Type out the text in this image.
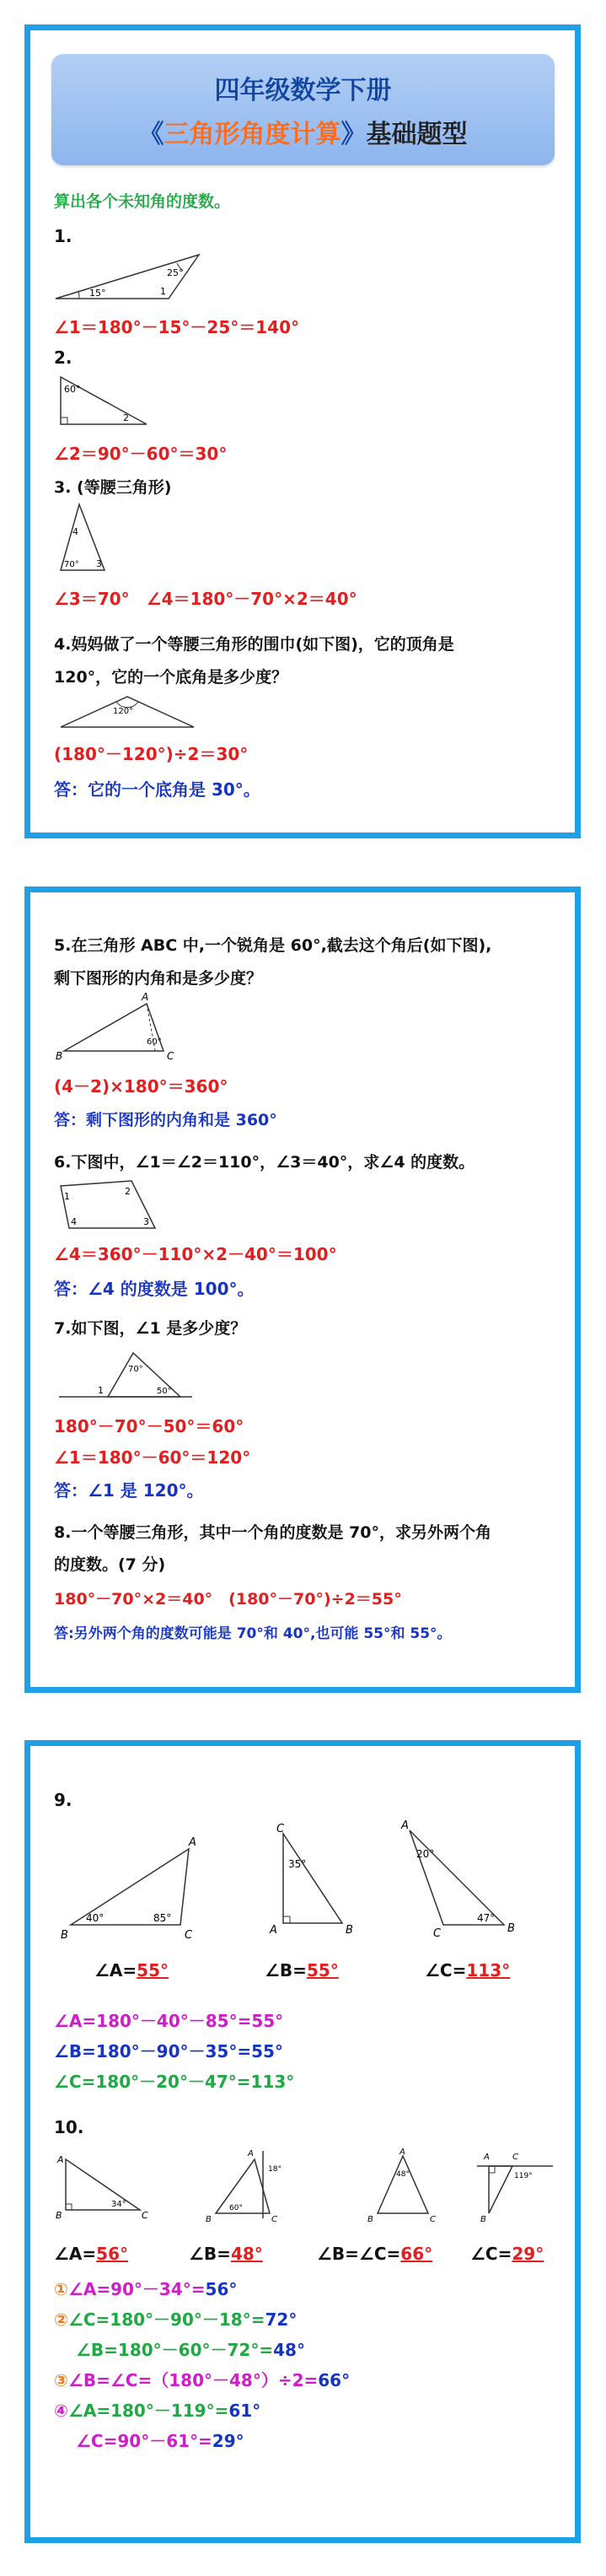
四年级数学下册
《三角形角度计算》基础题型
算出各个未知角的度数。
1.
15°
25°
1
∠1＝180°－15°－25°＝140°
2.
60°
2
∠2＝90°－60°＝30°
3. (等腰三角形)
4
70° 3
∠3＝70°　∠4＝180°－70°×2＝40°
4.妈妈做了一个等腰三角形的围巾(如下图)，它的顶角是
120°，它的一个底角是多少度？
120°
(180°－120°)÷2＝30°
答：它的一个底角是 30°。
5.在三角形 ABC 中,一个锐角是 60°,截去这个角后(如下图),
剩下图形的内角和是多少度？
A
B	C
60°
(4－2)×180°＝360°
答：剩下图形的内角和是 360°
6.下图中，∠1＝∠2＝110°，∠3＝40°，求∠4 的度数。
1	2
3
4
∠4＝360°－110°×2－40°＝100°
答：∠4 的度数是 100°。
7.如下图，∠1 是多少度？
70°
50°
1
180°－70°－50°＝60°
∠1＝180°－60°＝120°
答：∠1 是 120°。
8.一个等腰三角形，其中一个角的度数是 70°，求另外两个角
的度数。(7 分)
180°－70°×2＝40°　(180°－70°)÷2＝55°
答:另外两个角的度数可能是 70°和 40°,也可能 55°和 55°。
9.
A
B	C
40°	85°
C
A	B
35°
A
C	B
20°
47°
∠A=55°	∠B=55°	∠C=113°
∠A=180°－40°－85°=55°
∠B=180°－90°－35°=55°
∠C=180°－20°－47°=113°
10.
A
B	C
34°
A
B	C
60°
18°
A
B	C
48°
A
B
C
119°
∠A=56°	∠B=48°	∠B=∠C=66° ∠C=29°
①∠A=90°－34°=56°
②∠C=180°－90°－18°=72°
∠B=180°－60°－72°=48°
③∠B=∠C=（180°－48°）÷2=66°
④∠A=180°－119°=61°
∠C=90°－61°=29°
